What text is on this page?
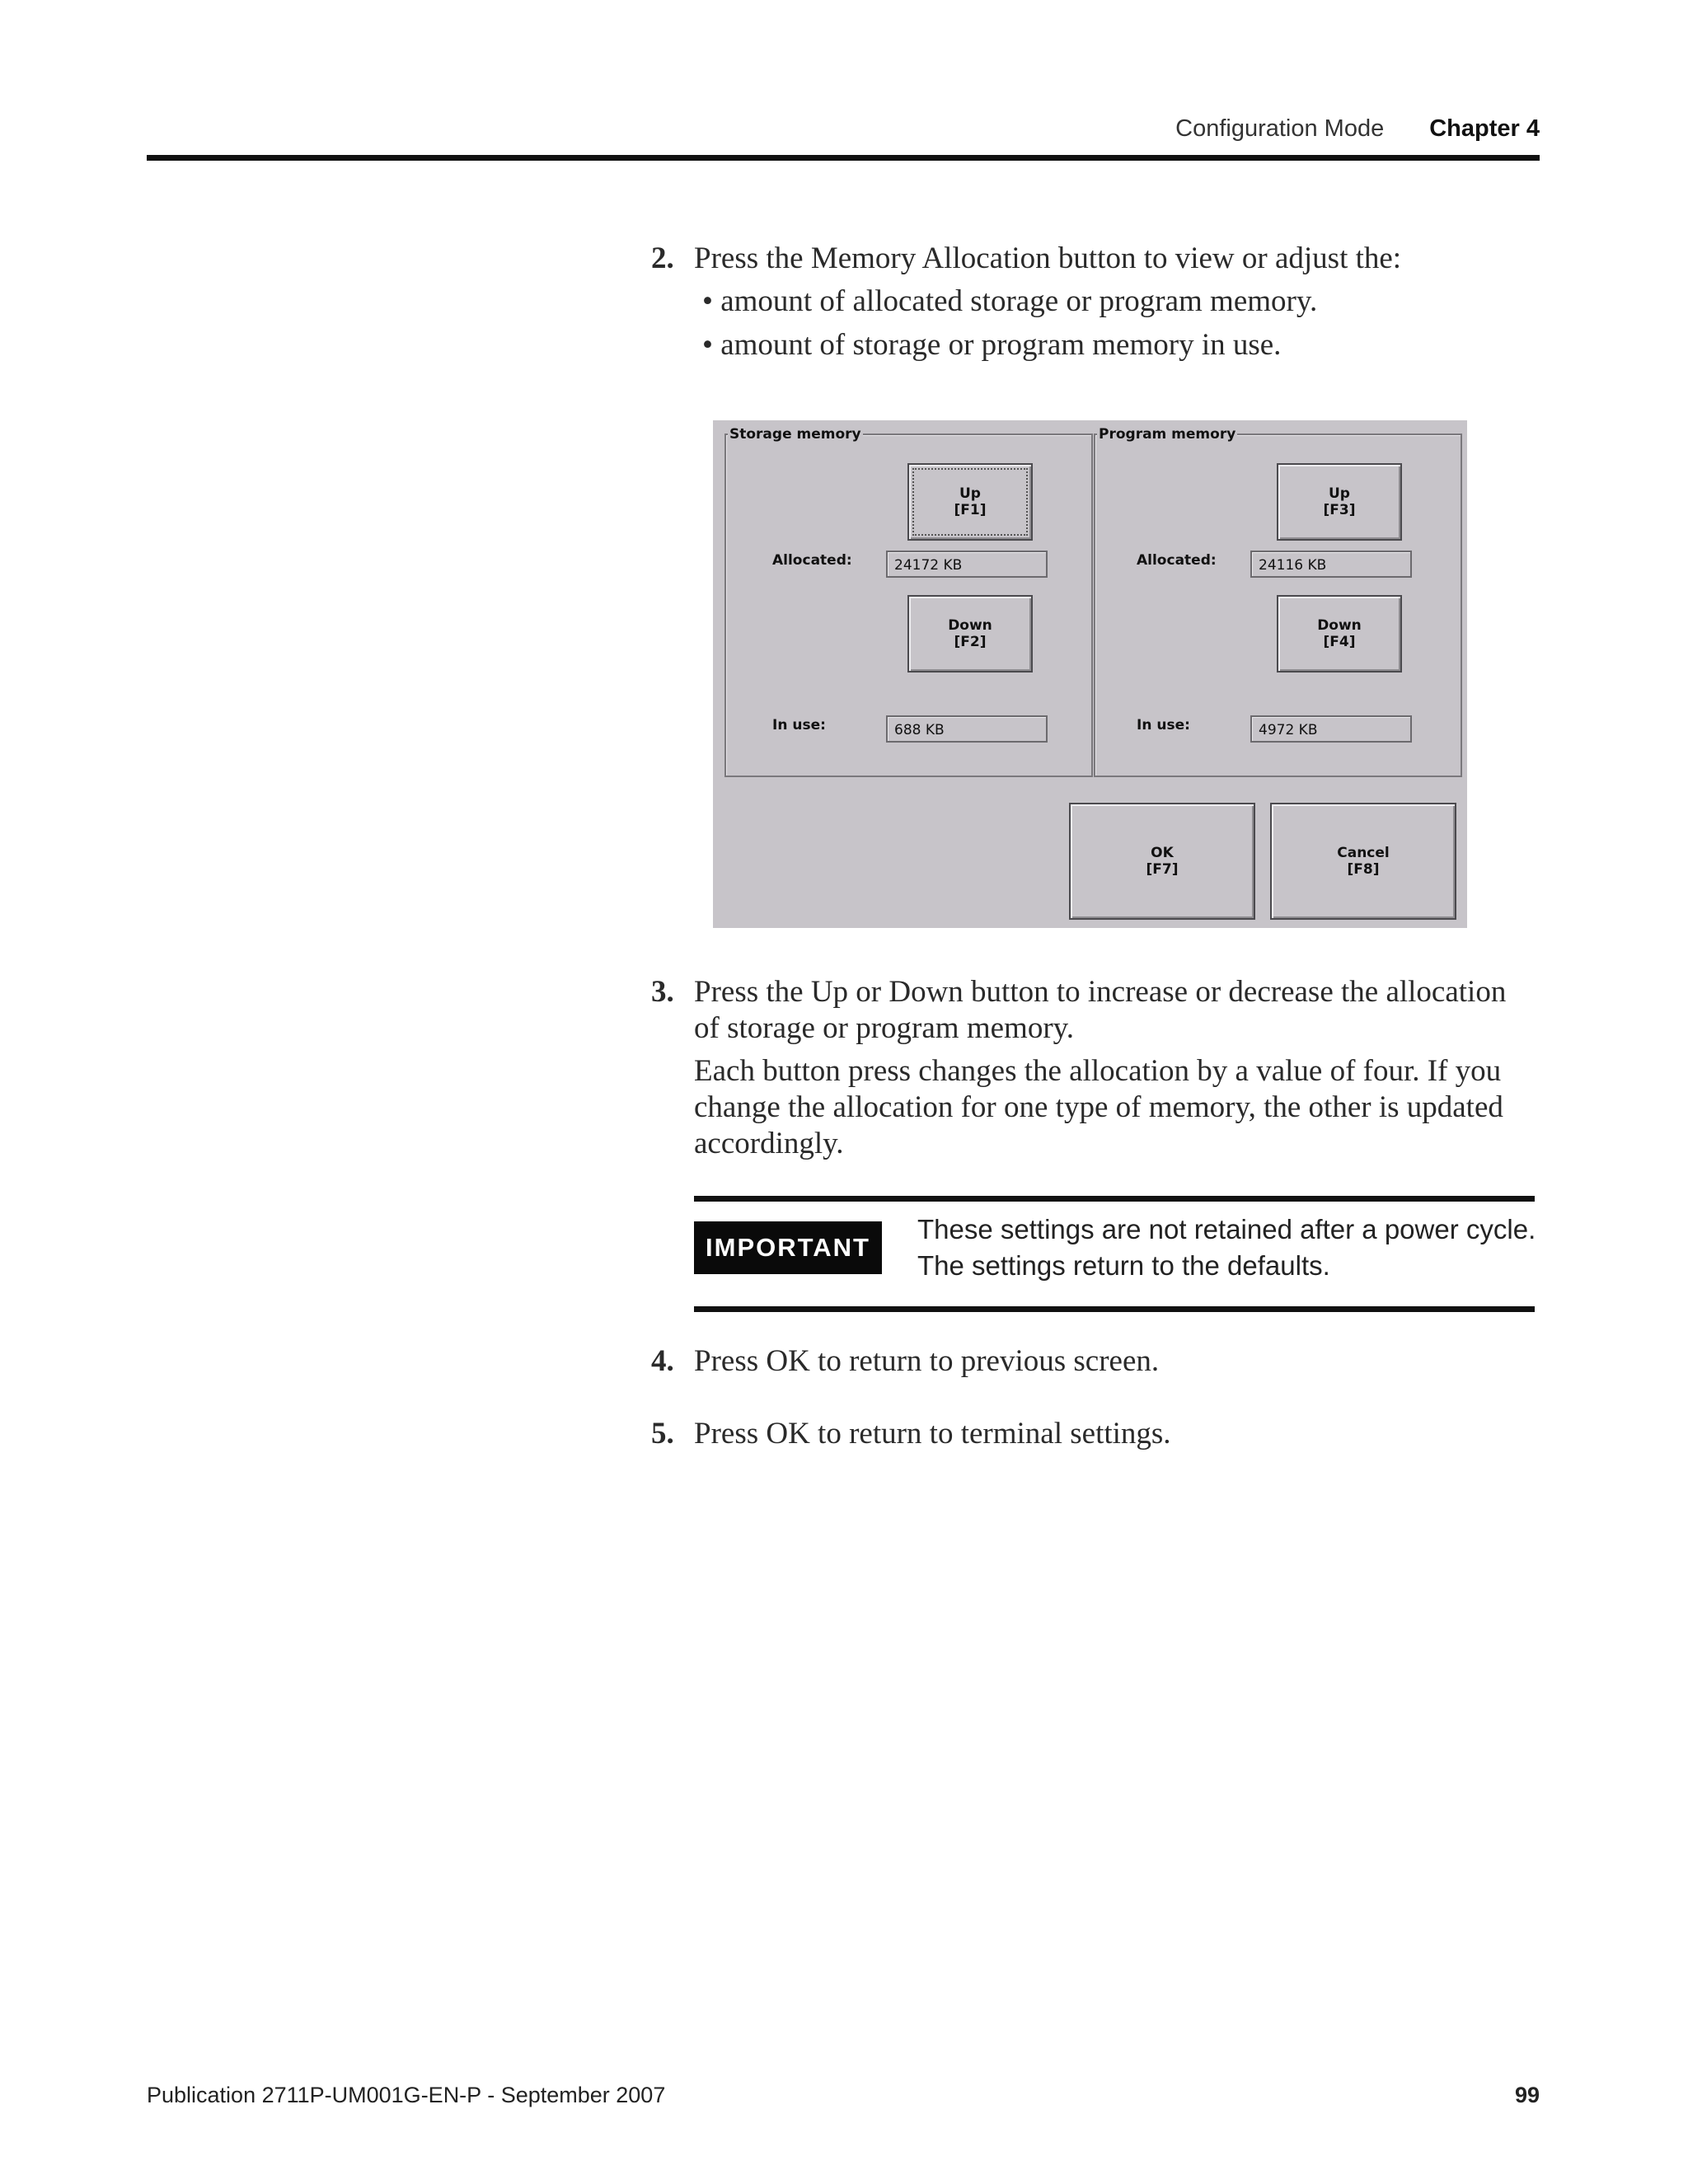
Configuration Mode Chapter 4
2. Press the Memory Allocation button to view or adjust the:
• amount of allocated storage or program memory.
• amount of storage or program memory in use.
Storage memory
Up
[F1]
Allocated:	24172 KB
Down
[F2]
In use:	688 KB
Program memory
Up
[F3]
Allocated:	24116 KB
Down
[F4]
In use:	4972 KB
OK
[F7]
Cancel
[F8]
3. Press the Up or Down button to increase or decrease the allocation of storage or program memory.

Each button press changes the allocation by a value of four. If you change the allocation for one type of memory, the other is updated accordingly.

IMPORTANT

These settings are not retained after a power cycle. The settings return to the defaults.

4. Press OK to return to previous screen.
5. Press OK to return to terminal settings.
Publication 2711P-UM001G-EN-P - September 2007	99
